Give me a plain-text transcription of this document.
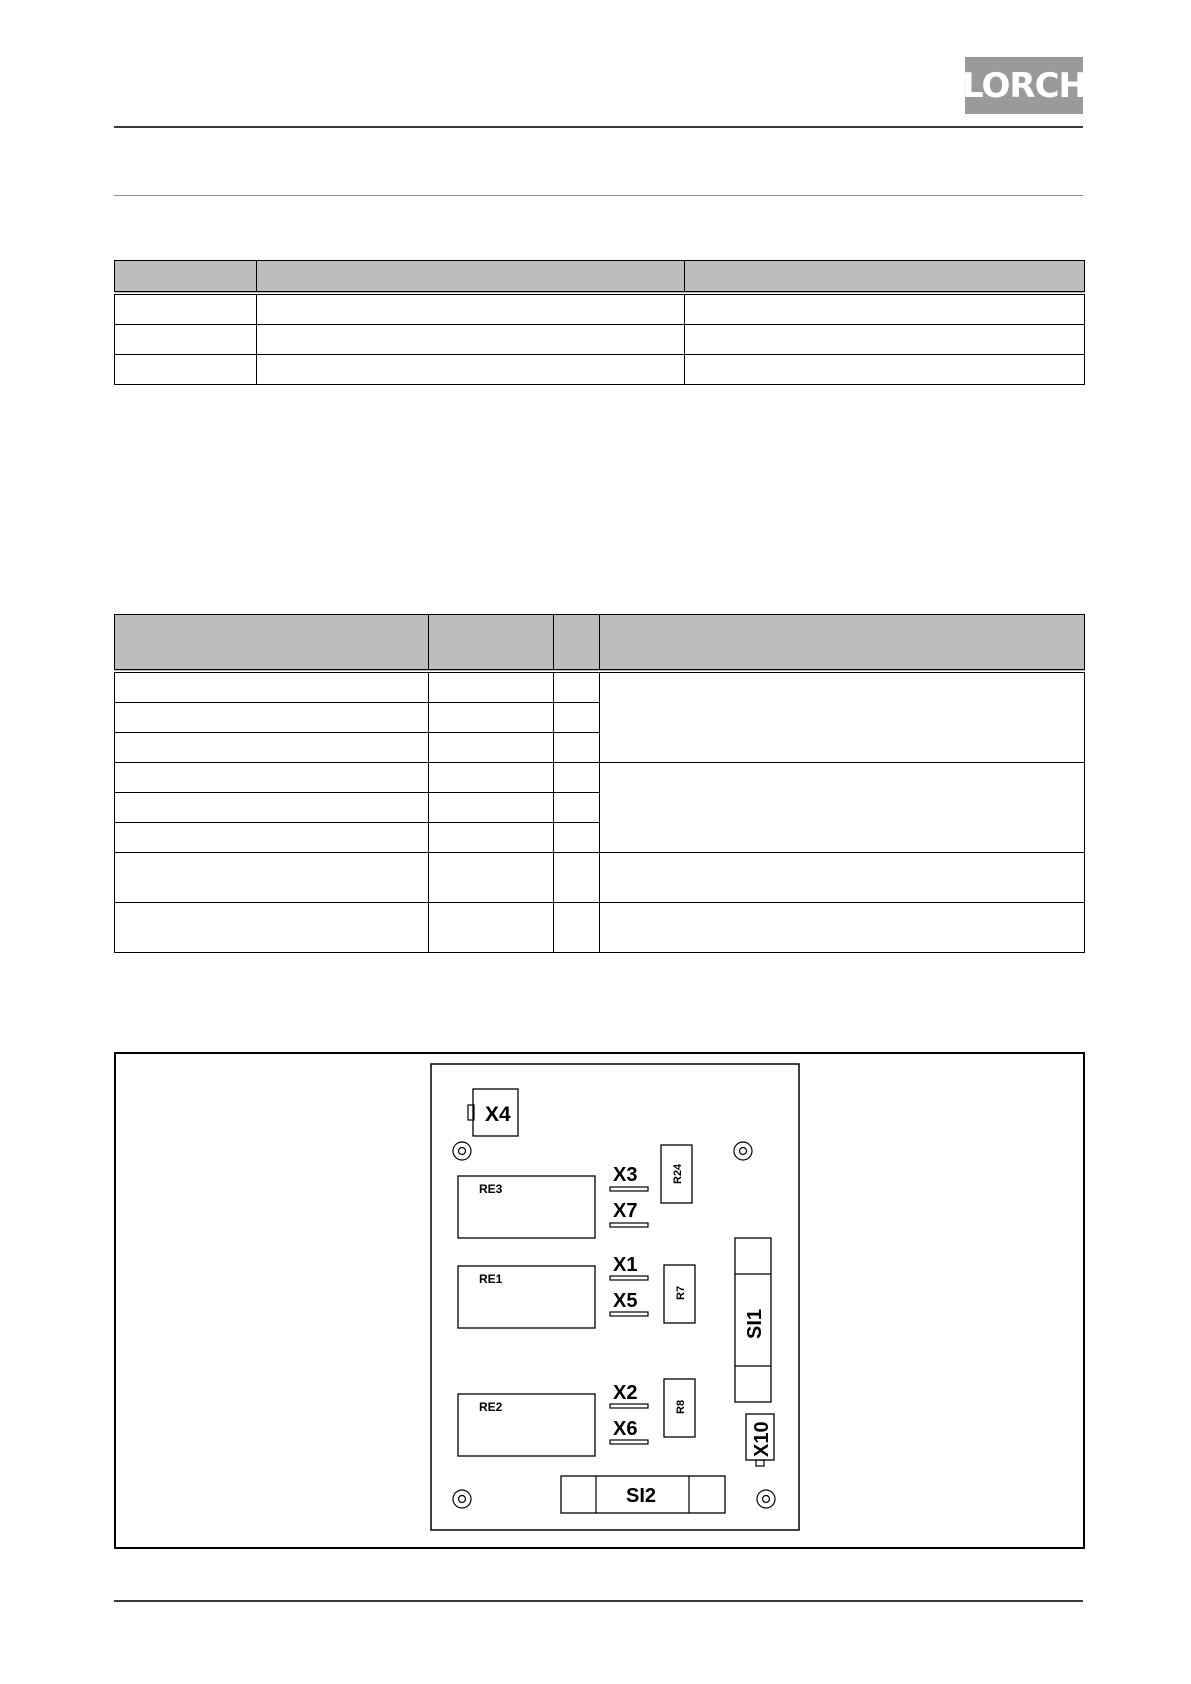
LORCH

X4
RE3
RE1
RE2
X3
X7
X1
X5
X2
X6
R24
R7
R8
SI1
X10
SI2
